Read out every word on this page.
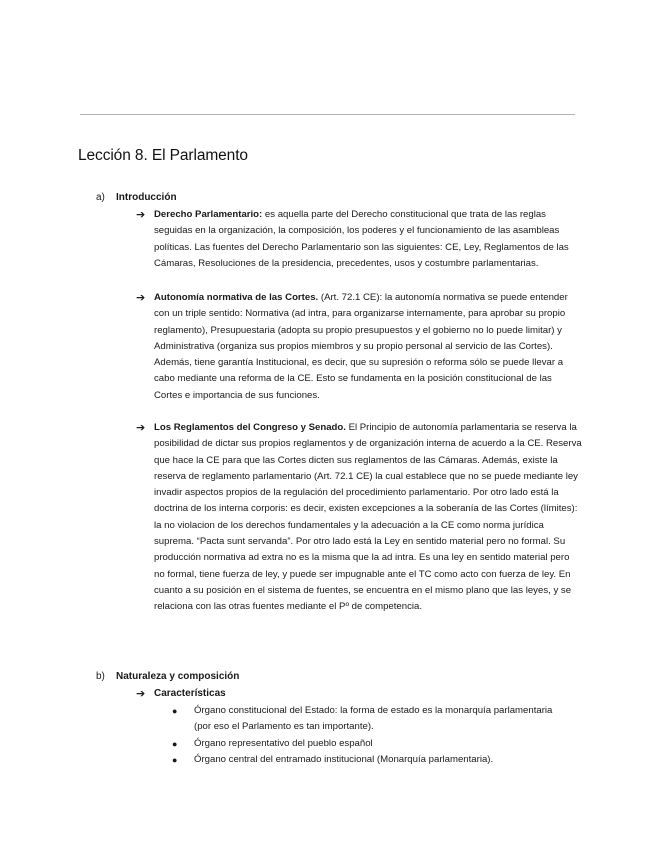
Lección 8. El Parlamento
a) Introducción
➔ Derecho Parlamentario: es aquella parte del Derecho constitucional que trata de las reglas seguidas en la organización, la composición, los poderes y el funcionamiento de las asambleas políticas. Las fuentes del Derecho Parlamentario son las siguientes: CE, Ley, Reglamentos de las Cámaras, Resoluciones de la presidencia, precedentes, usos y costumbre parlamentarias.
➔ Autonomía normativa de las Cortes. (Art. 72.1 CE): la autonomía normativa se puede entender con un triple sentido: Normativa (ad intra, para organizarse internamente, para aprobar su propio reglamento), Presupuestaria (adopta su propio presupuestos y el gobierno no lo puede limitar) y Administrativa (organiza sus propios miembros y su propio personal al servicio de las Cortes). Además, tiene garantía Institucional, es decir, que su supresión o reforma sólo se puede llevar a cabo mediante una reforma de la CE. Esto se fundamenta en la posición constitucional de las Cortes e importancia de sus funciones.
➔ Los Reglamentos del Congreso y Senado. El Principio de autonomía parlamentaria se reserva la posibilidad de dictar sus propios reglamentos y de organización interna de acuerdo a la CE. Reserva que hace la CE para que las Cortes dicten sus reglamentos de las Cámaras. Además, existe la reserva de reglamento parlamentario (Art. 72.1 CE) la cual establece que no se puede mediante ley invadir aspectos propios de la regulación del procedimiento parlamentario. Por otro lado está la doctrina de los interna corporis: es decir, existen excepciones a la soberanía de las Cortes (límites): la no violacion de los derechos fundamentales y la adecuación a la CE como norma jurídica suprema. “Pacta sunt servanda”. Por otro lado está la Ley en sentido material pero no formal. Su producción normativa ad extra no es la misma que la ad intra. Es una ley en sentido material pero no formal, tiene fuerza de ley, y puede ser impugnable ante el TC como acto con fuerza de ley. En cuanto a su posición en el sistema de fuentes, se encuentra en el mismo plano que las leyes, y se relaciona con las otras fuentes mediante el Pº de competencia.
b) Naturaleza y composición
➔ Características
● Órgano constitucional del Estado: la forma de estado es la monarquía parlamentaria (por eso el Parlamento es tan importante).
● Órgano representativo del pueblo español
● Órgano central del entramado institucional (Monarquía parlamentaria).
